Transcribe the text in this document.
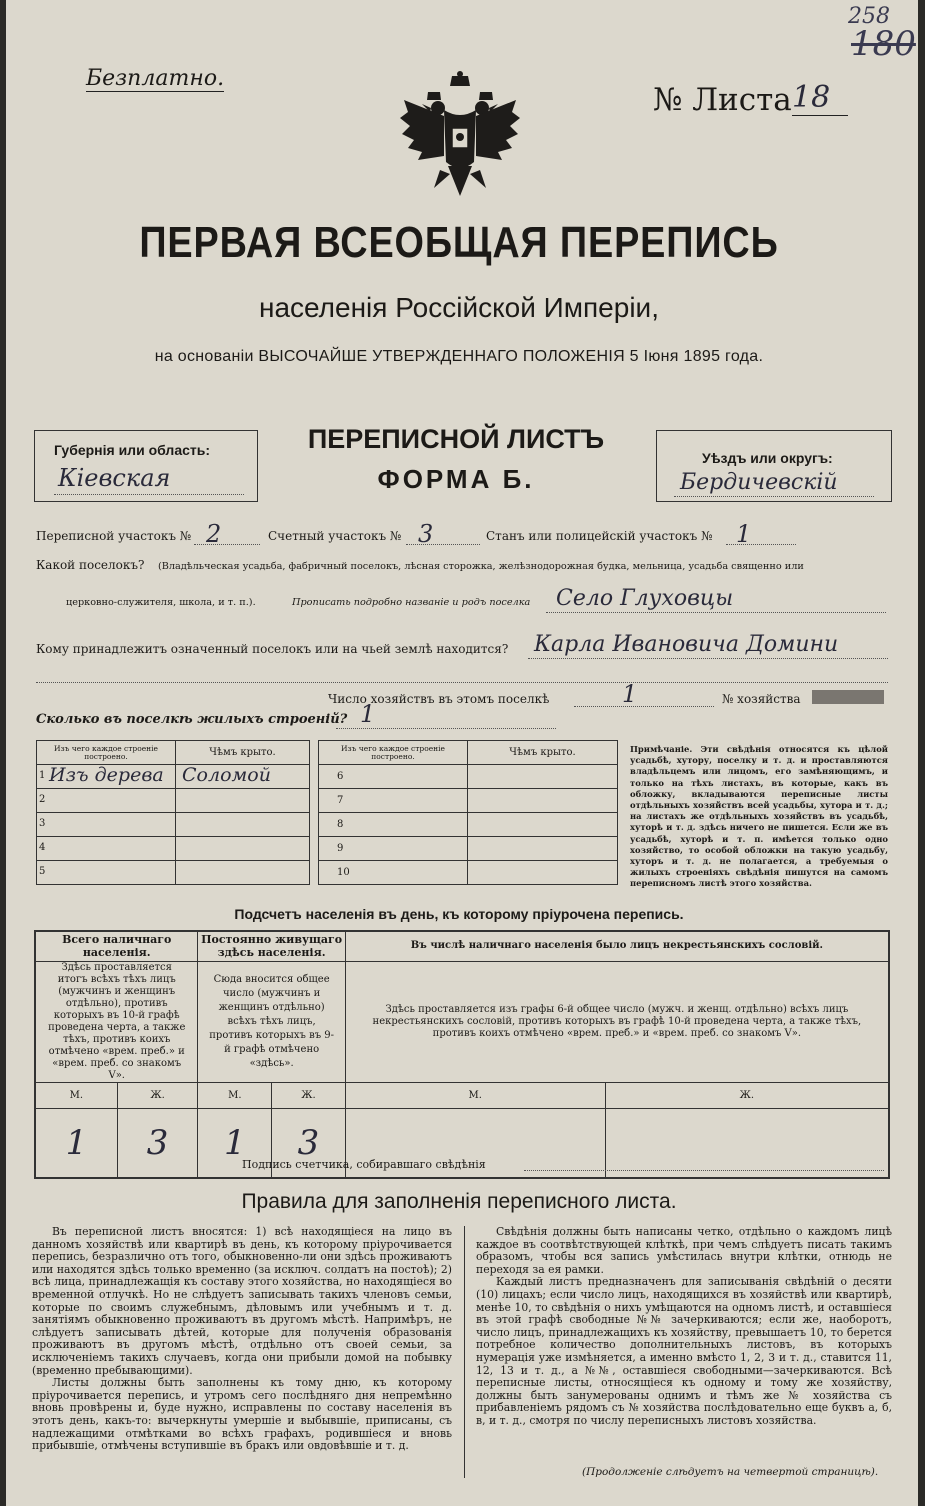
258
180
Безплатно.
№ Листа 18
ПЕРВАЯ ВСЕОБЩАЯ ПЕРЕПИСЬ
населенія Россійской Имперіи,
на основаніи ВЫСОЧАЙШЕ УТВЕРЖДЕННАГО ПОЛОЖЕНІЯ 5 Іюня 1895 года.
Губернія или область:
Кіевская
ПЕРЕПИСНОЙ ЛИСТЪ
ФОРМА Б.
Уѣздъ или округъ:
Бердичевскій
Переписной участокъ № 2	Счетный участокъ № 3	Станъ или полицейскій участокъ № 1
Какой поселокъ? (Владѣльческая усадьба, фабричный поселокъ, лѣсная сторожка, желѣзнодорожная будка, мельница, усадьба священно или
церковно-служителя, школа, и т. п.).	Прописать подробно названіе и родъ поселка Село Глуховцы
Кому принадлежитъ означенный поселокъ или на чьей землѣ находится? Карла Ивановича Домини
Число хозяйствъ въ этомъ поселкѣ	1	№ хозяйства
Сколько въ поселкѣ жилыхъ строеній? 1
Изъ чего каждое строеніе построено.	Чѣмъ крыто.

1 Изъ дерева	Соломой

2	

3	

4	

5	

Изъ чего каждое строеніе построено.	Чѣмъ крыто.
6	
7	
8	
9	
10	
Примѣчаніе. Эти свѣдѣнія относятся къ цѣлой усадьбѣ, хутору, поселку и т. д. и проставляются владѣльцемъ или лицомъ, его замѣняющимъ, и только на тѣхъ листахъ, въ которые, какъ въ обложку, вкладываются переписные листы отдѣльныхъ хозяйствъ всей усадьбы, хутора и т. д.; на листахъ же отдѣльныхъ хозяйствъ въ усадьбѣ, хуторѣ и т. д. здѣсь ничего не пишется. Если же въ усадьбѣ, хуторѣ и т. п. имѣется только одно хозяйство, то особой обложки на такую усадьбу, хуторъ и т. д. не полагается, а требуемыя о жилыхъ строеніяхъ свѣдѣнія пишутся на самомъ переписномъ листѣ этого хозяйства.
Подсчетъ населенія въ день, къ которому пріурочена перепись.
Всего наличнаго населенія.		Постоянно живущаго здѣсь населенія.		Въ числѣ наличнаго населенія было лицъ некрестьянскихъ сословій.	
Здѣсь проставляется итогъ всѣхъ тѣхъ лицъ (мужчинъ и женщинъ отдѣльно), противъ которыхъ въ 10-й графѣ проведена черта, а также тѣхъ, противъ коихъ отмѣчено «врем. преб.» и «врем. преб. со знакомъ V».		Сюда вносится общее число (мужчинъ и женщинъ отдѣльно) всѣхъ тѣхъ лицъ, противъ которыхъ въ 9-й графѣ отмѣчено «здѣсь».		Здѣсь проставляется изъ графы 6-й общее число (мужч. и женщ. отдѣльно) всѣхъ лицъ некрестьянскихъ сословій, противъ которыхъ въ графѣ 10-й проведена черта, а также тѣхъ, противъ коихъ отмѣчено «врем. преб.» и «врем. преб. со знакомъ V».	
М.	Ж.	М.	Ж.	М.	Ж.
1	3	1	3		
Подпись счетчика, собиравшаго свѣдѣнія
Правила для заполненія переписного листа.

Въ переписной листъ вносятся: 1) всѣ находящіеся на лицо въ данномъ хозяйствѣ или квартирѣ въ день, къ которому пріурочивается перепись, безразлично отъ того, обыкновенно-ли они здѣсь проживаютъ или находятся здѣсь только временно (за исключ. солдатъ на постоѣ); 2) всѣ лица, принадлежащія къ составу этого хозяйства, но находящіеся во временной отлучкѣ. Но не слѣдуетъ записывать такихъ членовъ семьи, которые по своимъ служебнымъ, дѣловымъ или учебнымъ и т. д. занятіямъ обыкновенно проживаютъ въ другомъ мѣстѣ. Напримѣръ, не слѣдуетъ записывать дѣтей, которые для полученія образованія проживаютъ въ другомъ мѣстѣ, отдѣльно отъ своей семьи, за исключеніемъ такихъ случаевъ, когда они прибыли домой на побывку (временно пребывающими).

Листы должны быть заполнены къ тому дню, къ которому пріурочивается перепись, и утромъ сего послѣдняго дня непремѣнно вновь провѣрены и, буде нужно, исправлены по составу населенія въ этотъ день, какъ-то: вычеркнуты умершіе и выбывшіе, приписаны, съ надлежащими отмѣтками во всѣхъ графахъ, родившіеся и вновь прибывшіе, отмѣчены вступившіе въ бракъ или овдовѣвшіе и т. д.

Свѣдѣнія должны быть написаны четко, отдѣльно о каждомъ лицѣ каждое въ соотвѣтствующей клѣткѣ, при чемъ слѣдуетъ писать такимъ образомъ, чтобы вся запись умѣстилась внутри клѣтки, отнюдь не переходя за ея рамки.

Каждый листъ предназначенъ для записыванія свѣдѣній о десяти (10) лицахъ; если число лицъ, находящихся въ хозяйствѣ или квартирѣ, менѣе 10, то свѣдѣнія о нихъ умѣщаются на одномъ листѣ, и оставшіеся въ этой графѣ свободные №№ зачеркиваются; если же, наоборотъ, число лицъ, принадлежащихъ къ хозяйству, превышаетъ 10, то берется потребное количество дополнительныхъ листовъ, въ которыхъ нумерація уже измѣняется, а именно вмѣсто 1, 2, 3 и т. д., ставится 11, 12, 13 и т. д., а №№, оставшіеся свободными—зачеркиваются. Всѣ переписные листы, относящіеся къ одному и тому же хозяйству, должны быть занумерованы однимъ и тѣмъ же № хозяйства съ прибавленіемъ рядомъ съ № хозяйства послѣдовательно еще буквъ а, б, в, и т. д., смотря по числу переписныхъ листовъ хозяйства.

(Продолженіе слѣдуетъ на четвертой страницѣ).
